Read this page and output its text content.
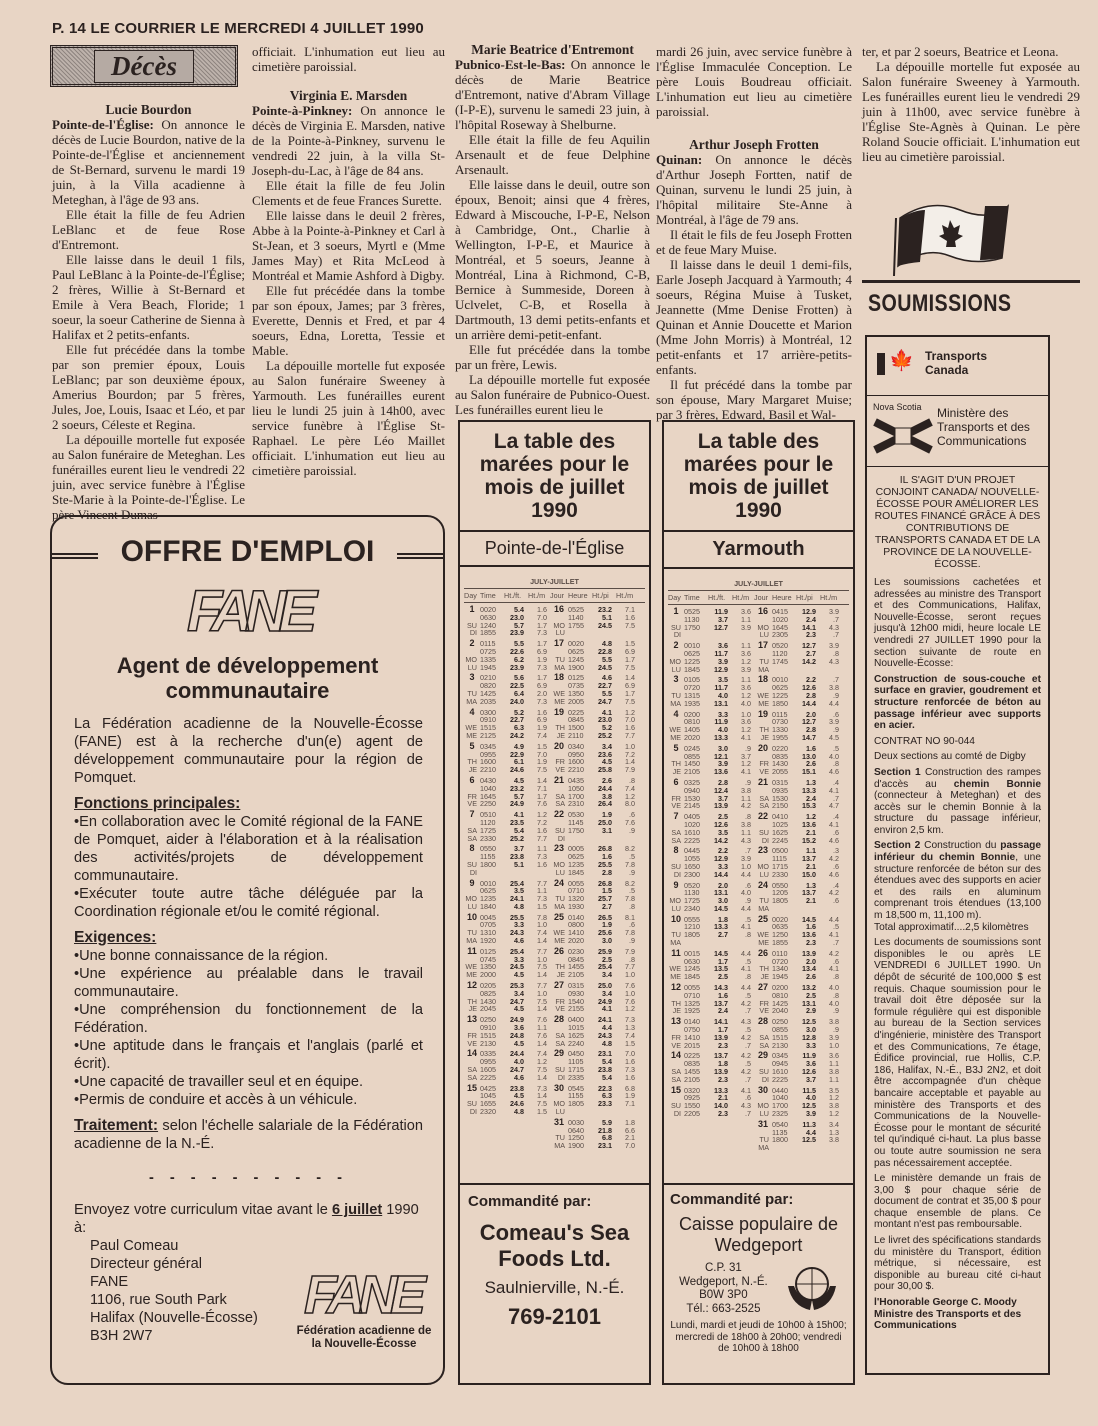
P. 14 LE COURRIER LE MERCREDI 4 JUILLET 1990
Décès
Lucie Bourdon

Pointe-de-l'Église: On annonce le décès de Lucie Bourdon, native de la Pointe-de-l'Église et anciennement de St-Bernard, survenu le mardi 19 juin, à la Villa acadienne à Meteghan, à l'âge de 93 ans.

Elle était la fille de feu Adrien LeBlanc et de feue Rose d'Entremont.

Elle laisse dans le deuil 1 fils, Paul LeBlanc à la Pointe-de-l'Église; 2 frères, Willie à St-Bernard et Emile à Vera Beach, Floride; 1 soeur, la soeur Catherine de Sienna à Halifax et 2 petits-enfants.

Elle fut précédée dans la tombe par son premier époux, Louis LeBlanc; par son deuxième époux, Amerius Bourdon; par 5 frères, Jules, Joe, Louis, Isaac et Léo, et par 2 soeurs, Céleste et Regina.

La dépouille mortelle fut exposée au Salon funéraire de Meteghan. Les funérailles eurent lieu le vendredi 22 juin, avec service funèbre à l'Église Ste-Marie à la Pointe-de-l'Église. Le père Vincent Dumas

officiait. L'inhumation eut lieu au cimetière paroissial.

Virginia E. Marsden

Pointe-à-Pinkney: On annonce le décès de Virginia E. Marsden, native de la Pointe-à-Pinkney, survenu le vendredi 22 juin, à la villa St-Joseph-du-Lac, à l'âge de 84 ans.

Elle était la fille de feu Jolin Clements et de feue Frances Surette.

Elle laisse dans le deuil 2 frères, Abbe à la Pointe-à-Pinkney et Carl à St-Jean, et 3 soeurs, Myrtl e (Mme James May) et Rita McLeod à Montréal et Mamie Ashford à Digby.

Elle fut précédée dans la tombe par son époux, James; par 3 frères, Everette, Dennis et Fred, et par 4 soeurs, Edna, Loretta, Tessie et Mable.

La dépouille mortelle fut exposée au Salon funéraire Sweeney à Yarmouth. Les funérailles eurent lieu le lundi 25 juin à 14h00, avec service funèbre à l'Église St-Raphael. Le père Léo Maillet officiait. L'inhumation eut lieu au cimetière paroissial.

Marie Beatrice d'Entremont

Pubnico-Est-le-Bas: On annonce le décès de Marie Beatrice d'Entremont, native d'Abram Village (I-P-E), survenu le samedi 23 juin, à l'hôpital Roseway à Shelburne.

Elle était la fille de feu Aquilin Arsenault et de feue Delphine Arsenault.

Elle laisse dans le deuil, outre son époux, Benoit; ainsi que 4 frères, Edward à Miscouche, I-P-E, Nelson à Cambridge, Ont., Charlie à Wellington, I-P-E, et Maurice à Montréal, et 5 soeurs, Jeanne à Montréal, Lina à Richmond, C-B, Bernice à Summeside, Doreen à Uclvelet, C-B, et Rosella à Dartmouth, 13 demi petits-enfants et un arrière demi-petit-enfant.

Elle fut précédée dans la tombe par un frère, Lewis.

La dépouille mortelle fut exposée au Salon funéraire de Pubnico-Ouest. Les funérailles eurent lieu le

mardi 26 juin, avec service funèbre à l'Église Immaculée Conception. Le père Louis Boudreau officiait. L'inhumation eut lieu au cimetière paroissial.

Arthur Joseph Frotten

Quinan: On annonce le décès d'Arthur Joseph Fortten, natif de Quinan, survenu le lundi 25 juin, à l'hôpital militaire Ste-Anne à Montréal, à l'âge de 79 ans.

Il était le fils de feu Joseph Frotten et de feue Mary Muise.

Il laisse dans le deuil 1 demi-fils, Earle Joseph Jacquard à Yarmouth; 4 soeurs, Régina Muise à Tusket, Jeannette (Mme Denise Frotten) à Quinan et Annie Doucette et Marion (Mme John Morris) à Montréal, 12 petit-enfants et 17 arrière-petits-enfants.

Il fut précédé dans la tombe par son épouse, Mary Margaret Muise; par 3 frères, Edward, Basil et Wal-

ter, et par 2 soeurs, Beatrice et Leona.

La dépouille mortelle fut exposée au Salon funéraire Sweeney à Yarmouth. Les funérailles eurent lieu le vendredi 29 juin à 11h00, avec service funèbre à l'Église Ste-Agnès à Quinan. Le père Roland Soucie officiait. L'inhumation eut lieu au cimetière paroissial.

SOUMISSIONS
🍁 Transports Canada
Nova Scotia Ministère des Transports et des Communications
IL S'AGIT D'UN PROJET CONJOINT CANADA/ NOUVELLE-ÉCOSSE POUR AMÉLIORER LES ROUTES FINANCÉ GRÂCE À DES CONTRIBUTIONS DE TRANSPORTS CANADA ET DE LA PROVINCE DE LA NOUVELLE-ÉCOSSE.

Les soumissions cachetées et adressées au ministre des Transport et des Communications, Halifax, Nouvelle-Écosse, seront reçues jusqu'à 12h00 midi, heure locale LE vendredi 27 JUILLET 1990 pour la section suivante de route en Nouvelle-Écosse:

Construction de sous-couche et surface en gravier, goudrement et structure renforcée de béton au passage inférieur avec supports en acier.

CONTRAT NO 90-044

Deux sections au comté de Digby

Section 1 Construction des rampes d'accès au chemin Bonnie (connecteur à Meteghan) et des accès sur le chemin Bonnie à la structure du passage inférieur, environ 2,5 km.

Section 2 Construction du passage inférieur du chemin Bonnie, une structure renforcée de béton sur des étendues avec des supports en acier et des rails en aluminum comprenant trois étendues (13,100 m 18,500 m, 11,100 m).

Total approximatif....2,5 kilomètres

Les documents de soumissions sont disponibles le ou après LE VENDREDI 6 JUILLET 1990. Un dépôt de sécurité de 100,000 $ est requis. Chaque soumission pour le travail doit être déposée sur la formule régulière qui est disponible au bureau de la Section services d'ingénierie, ministère des Transport et des Communications, 7e étage, Édifice provincial, rue Hollis, C.P. 186, Halifax, N.-É., B3J 2N2, et doit être accompagnée d'un chèque bancaire acceptable et payable au ministère des Transports et des Communications de la Nouvelle-Écosse pour le montant de sécurité tel qu'indiqué ci-haut. La plus basse ou toute autre soumission ne sera pas nécessairement acceptée.

Le ministère demande un frais de 3,00 $ pour chaque série de document de contrat et 35,00 $ pour chaque ensemble de plans. Ce montant n'est pas remboursable.

Le livret des spécifications standards du ministère du Transport, édition métrique, si nécessaire, est disponible au bureau cité ci-haut pour 30,00 $.

l'Honorable George C. Moody Ministre des Transports et des Communications

OFFRE D'EMPLOI
FANE
Agent de développement communautaire

La Fédération acadienne de la Nouvelle-Écosse (FANE) est à la recherche d'un(e) agent de développement communautaire pour la région de Pomquet.

Fonctions principales:
•En collaboration avec le Comité régional de la FANE de Pomquet, aider à l'élaboration et à la réalisation des activités/projets de développement communautaire.

•Exécuter toute autre tâche déléguée par la Coordination régionale et/ou le comité régional.

Exigences:
•Une bonne connaissance de la région.
•Une expérience au préalable dans le travail communautaire.
•Une compréhension du fonctionnement de la Fédération.
•Une aptitude dans le français et l'anglais (parlé et écrit).
•Une capacité de travailler seul et en équipe.

•Permis de conduire et accès à un véhicule.

Traitement: selon l'échelle salariale de la Fédération acadienne de la N.-É.
- - - - - - - - - -
Envoyez votre curriculum vitae avant le 6 juillet 1990 à:
Paul Comeau
Directeur général
FANE
1106, rue South Park
Halifax (Nouvelle-Écosse)
B3H 2W7
FANE
Fédération acadienne de la Nouvelle-Écosse
La table des marées pour le mois de juillet 1990
Pointe-de-l'Église
JULY-JUILLET
Day Time	Ht./ft. Ht./m Jour Heure Ht./pi	Ht./m
1 0020	5.4	1.6 16 0525	23.2	7.1
0630	23.0	7.0	1140	5.1	1.6
SU 1240	5.7	1.7 MO 1755	24.5	7.5
DI 1855	23.9	7.3	LU
2 0115	5.5	1.7 17 0020	4.8	1.5
0725	22.6	6.9	0625	22.8	6.9
MO 1335	6.2	1.9	TU 1245	5.5	1.7
LU 1945	23.9	7.3	MA 1900	24.5	7.5
3 0210	5.6	1.7 18 0125	4.6	1.4
0820	22.5	6.9	0735	22.7	6.9
TU 1425	6.4	2.0 WE 1350	5.5	1.7
MA 2035	24.0	7.3	ME 2005	24.7	7.5
4 0300	5.2	1.6 19 0225	4.1	1.2
0910	22.7	6.9	0845	23.0	7.0
WE 1515	6.3	1.9	TH 1500	5.2	1.6
ME 2125	24.2	7.4	JE 2110	25.2	7.7
5 0345	4.9	1.5 20 0340	3.4	1.0
0955	22.9	7.0	0950	23.6	7.2
TH 1600	6.1	1.9	FR 1600	4.5	1.4
JE 2210	24.6	7.5	VE 2210	25.8	7.9
6 0430	4.5	1.4 21 0435	2.6	.8
1040	23.2	7.1	1050	24.4	7.4
FR 1645	5.7	1.7	SA 1700	3.8	1.2
VE 2250	24.9	7.6	SA 2310	26.4	8.0
7 0510	4.1	1.2 22 0530	1.9	.6
1120	23.5	7.2	1145	25.0	7.6
SA 1725	5.4	1.6	SU 1750	3.1	.9
SA 2330	25.2	7.7	DI
8 0550	3.7	1.1 23 0005	26.8	8.2
1155	23.8	7.3	0625	1.6	.5
SU 1800	5.1	1.6 MO 1235	25.5	7.8
DI	LU 1845	2.8	.9
9 0010	25.4	7.7 24 0055	26.8	8.2
0625	3.5	1.1	0710	1.5	.5
MO 1235	24.1	7.3	TU 1320	25.7	7.8
LU 1840	4.8	1.5	MA 1930	2.7	.8
10 0045	25.5	7.8 25 0140	26.5	8.1
0705	3.3	1.0	0800	1.9	.6
TU 1310	24.3	7.4 WE 1410	25.6	7.8
MA 1920	4.6	1.4	ME 2020	3.0	.9
11 0125	25.4	7.7 26 0230	25.9	7.9
0745	3.3	1.0	0845	2.5	.8
WE 1350	24.5	7.5	TH 1455	25.4	7.7
ME 2000	4.5	1.4	JE 2105	3.4	1.0
12 0205	25.3	7.7 27 0315	25.0	7.6
0825	3.4	1.0	0930	3.4	1.0
TH 1430	24.7	7.5	FR 1540	24.9	7.6
JE 2045	4.5	1.4	VE 2155	4.1	1.2
13 0250	24.9	7.6 28 0400	24.1	7.3
0910	3.6	1.1	1015	4.4	1.3
FR 1515	24.8	7.6	SA 1625	24.3	7.4
VE 2130	4.5	1.4	SA 2240	4.8	1.5
14 0335	24.4	7.4 29 0450	23.1	7.0
0955	4.0	1.2	1105	5.4	1.6
SA 1605	24.7	7.5	SU 1715	23.8	7.3
SA 2225	4.6	1.4	DI 2335	5.4	1.6
15 0425	23.8	7.3 30 0545	22.3	6.8
1045	4.5	1.4	1155	6.3	1.9
SU 1655	24.6	7.5 MO 1805	23.3	7.1
DI 2320	4.8	1.5	LU
31 0030	5.9	1.8
0640	21.8	6.6
TU 1250	6.8	2.1
MA 1900	23.1	7.0
Commandité par:
Comeau's Sea Foods Ltd.
Saulnierville, N.-É.
769-2101
La table des marées pour le mois de juillet 1990
Yarmouth
JULY-JUILLET
Day Time	Ht./ft. Ht./m Jour Heure Ht./pi	Ht./m
1 0525	11.9	3.6 16 0415	12.9	3.9
1130	3.7	1.1	1020	2.4	.7
SU 1750	12.7	3.9 MO 1645	14.1	4.3
DI	LU 2305	2.3	.7
2 0010	3.6	1.1 17 0520	12.7	3.9
0625	11.7	3.6	1120	2.7	.8
MO 1225	3.9	1.2	TU 1745	14.2	4.3
LU 1845	12.9	3.9	MA
3 0105	3.5	1.1 18 0010	2.2	.7
0720	11.7	3.6	0625	12.6	3.8
TU 1315	4.0	1.2 WE 1225	2.8	.9
MA 1935	13.1	4.0	ME 1850	14.4	4.4
4 0200	3.3	1.0 19 0115	2.0	.6
0810	11.9	3.6	0730	12.7	3.9
WE 1405	4.0	1.2	TH 1330	2.8	.9
ME 2020	13.3	4.1	JE 1955	14.7	4.5
5 0245	3.0	.9 20 0220	1.6	.5
0855	12.1	3.7	0835	13.0	4.0
TH 1450	3.9	1.2	FR 1430	2.6	.8
JE 2105	13.6	4.1	VE 2055	15.1	4.6
6 0325	2.8	.9 21 0315	1.3	.4
0940	12.4	3.8	0935	13.3	4.1
FR 1530	3.7	1.1	SA 1530	2.4	.7
VE 2145	13.9	4.2	SA 2150	15.3	4.7
7 0405	2.5	.8 22 0410	1.2	.4
1020	12.6	3.8	1025	13.6	4.1
SA 1610	3.5	1.1	SU 1625	2.1	.6
SA 2225	14.2	4.3	DI 2245	15.2	4.6
8 0445	2.2	.7 23 0500	1.1	.3
1055	12.9	3.9	1115	13.7	4.2
SU 1650	3.3	1.0 MO 1715	2.1	.6
DI 2300	14.4	4.4	LU 2330	15.0	4.6
9 0520	2.0	.6 24 0550	1.3	.4
1130	13.1	4.0	1205	13.7	4.2
MO 1725	3.0	.9	TU 1805	2.1	.6
LU 2340	14.5	4.4	MA
10 0555	1.8	.5 25 0020	14.5	4.4
1210	13.3	4.1	0635	1.6	.5
TU 1805	2.7	.8 WE 1250	13.6	4.1
MA	ME 1855	2.3	.7
11 0015	14.5	4.4 26 0110	13.9	4.2
0630	1.7	.5	0720	2.0	.6
WE 1245	13.5	4.1	TH 1340	13.4	4.1
ME 1845	2.5	.8	JE 1945	2.6	.8
12 0055	14.3	4.4 27 0200	13.2	4.0
0710	1.6	.5	0810	2.5	.8
TH 1325	13.7	4.2	FR 1425	13.1	4.0
JE 1925	2.4	.7	VE 2040	2.9	.9
13 0140	14.1	4.3 28 0250	12.5	3.8
0750	1.7	.5	0855	3.0	.9
FR 1410	13.9	4.2	SA 1515	12.8	3.9
VE 2015	2.3	.7	SA 2130	3.3	1.0
14 0225	13.7	4.2 29 0345	11.9	3.6
0835	1.8	.5	0945	3.6	1.1
SA 1455	13.9	4.2	SU 1610	12.6	3.8
SA 2105	2.3	.7	DI 2225	3.7	1.1
15 0320	13.3	4.1 30 0440	11.5	3.5
0925	2.1	.6	1040	4.0	1.2
SU 1550	14.0	4.3 MO 1700	12.5	3.8
DI 2205	2.3	.7	LU 2325	3.9	1.2
31 0540	11.3	3.4
1135	4.4	1.3
TU 1800	12.5	3.8
MA
Commandité par:
Caisse populaire de Wedgeport
C.P. 31
Wedgeport, N.-É.
B0W 3P0
Tél.: 663-2525
Lundi, mardi et jeudi de 10h00 à 15h00; mercredi de 18h00 à 20h00; vendredi de 10h00 à 18h00
